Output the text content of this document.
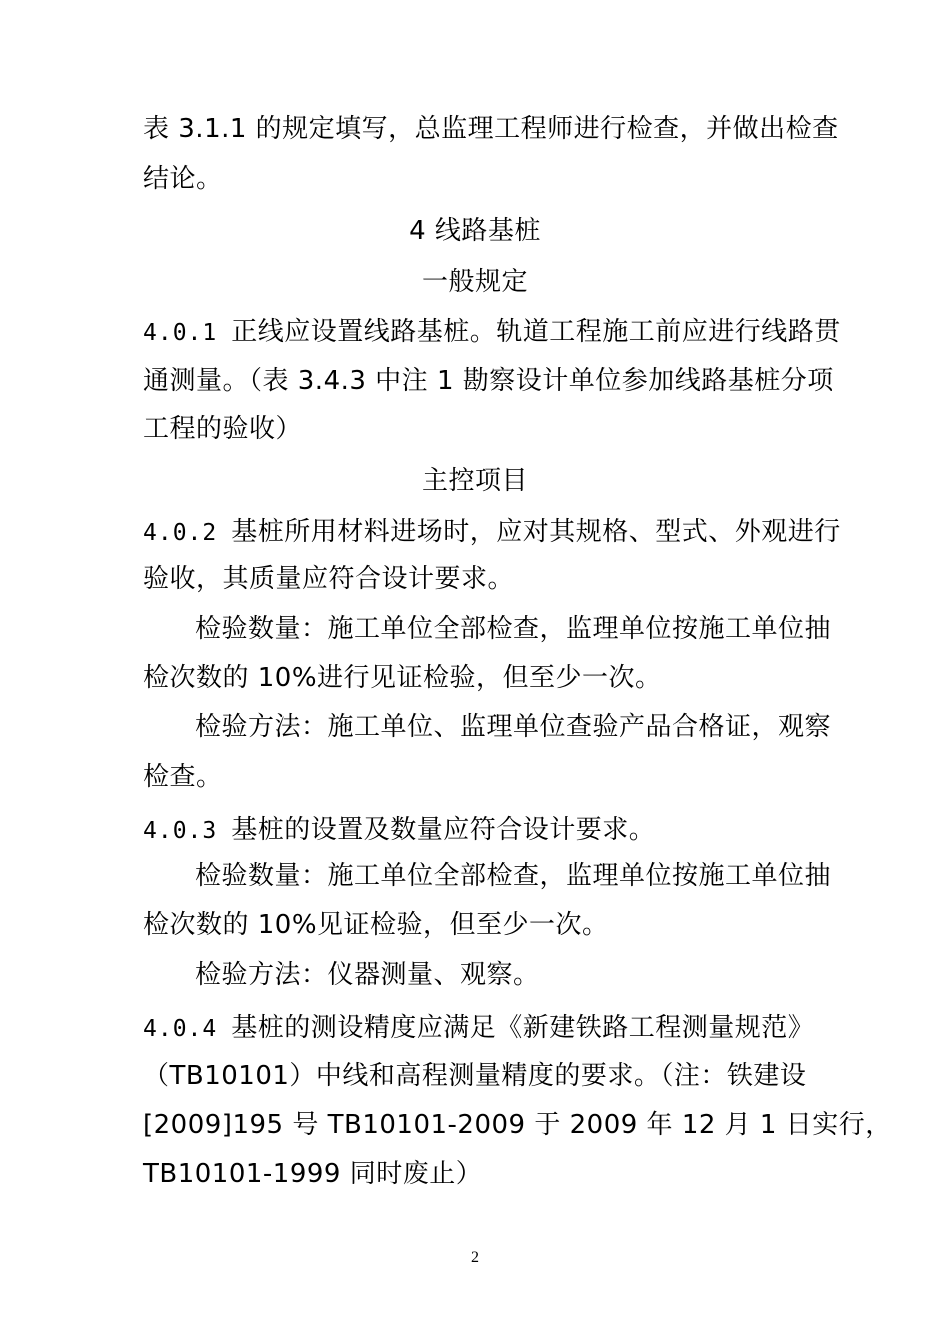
表 3.1.1 的规定填写，总监理工程师进行检查，并做出检查
结论。
4 线路基桩
一般规定
4.0.1 正线应设置线路基桩。轨道工程施工前应进行线路贯
通测量。（表 3.4.3 中注 1 勘察设计单位参加线路基桩分项
工程的验收）
主控项目
4.0.2 基桩所用材料进场时，应对其规格、型式、外观进行
验收，其质量应符合设计要求。
检验数量：施工单位全部检查，监理单位按施工单位抽
检次数的 10%进行见证检验，但至少一次。
检验方法：施工单位、监理单位查验产品合格证，观察
检查。
4.0.3 基桩的设置及数量应符合设计要求。
检验数量：施工单位全部检查，监理单位按施工单位抽
检次数的 10%见证检验，但至少一次。
检验方法：仪器测量、观察。
4.0.4 基桩的测设精度应满足《新建铁路工程测量规范》
（TB10101）中线和高程测量精度的要求。（注：铁建设
[2009]195 号 TB10101-2009 于 2009 年 12 月 1 日实行，
TB10101-1999 同时废止）
2
